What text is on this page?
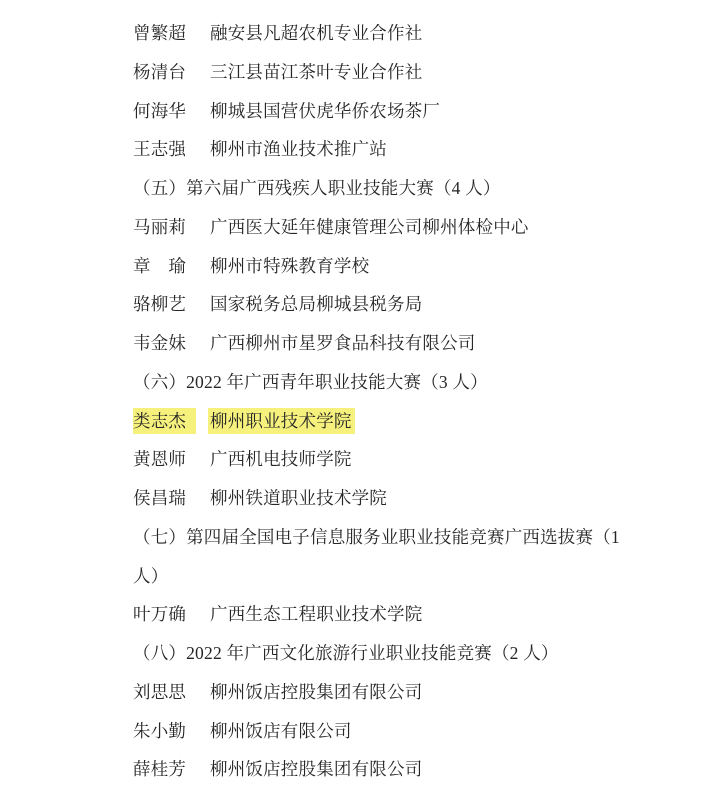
曾繁超 融安县凡超农机专业合作社
杨清台 三江县苗江茶叶专业合作社
何海华 柳城县国营伏虎华侨农场茶厂
王志强 柳州市渔业技术推广站
（五）第六届广西残疾人职业技能大赛（4 人）
马丽莉 广西医大延年健康管理公司柳州体检中心
章　瑜 柳州市特殊教育学校
骆柳艺 国家税务总局柳城县税务局
韦金妹 广西柳州市星罗食品科技有限公司
（六）2022 年广西青年职业技能大赛（3 人）
类志杰 柳州职业技术学院
黄恩师 广西机电技师学院
侯昌瑞 柳州铁道职业技术学院
（七）第四届全国电子信息服务业职业技能竞赛广西选拔赛（1
人）
叶万确 广西生态工程职业技术学院
（八）2022 年广西文化旅游行业职业技能竞赛（2 人）
刘思思 柳州饭店控股集团有限公司
朱小勤 柳州饭店有限公司
薛桂芳 柳州饭店控股集团有限公司
